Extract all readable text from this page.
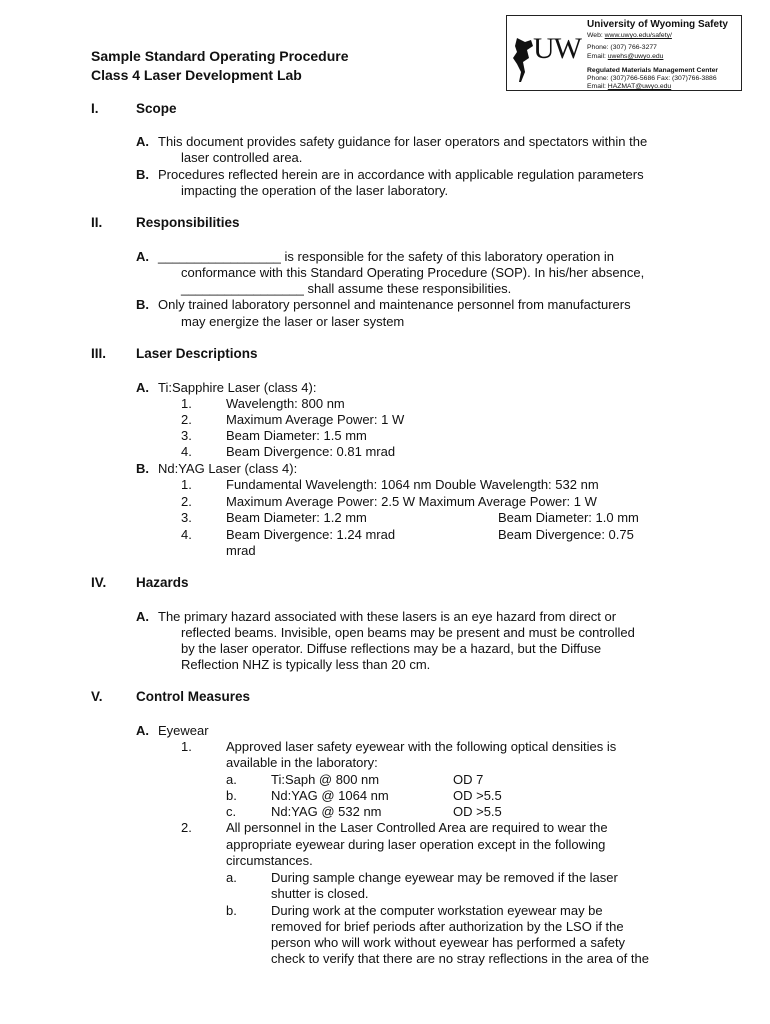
UW
University of Wyoming Safety
Web: www.uwyo.edu/safety/
Phone: (307) 766-3277
Email: uwehs@uwyo.edu
Regulated Materials Management Center
Phone: (307)766-5686 Fax: (307)766-3886
Email: HAZMAT@uwyo.edu
Sample Standard Operating Procedure
Class 4 Laser Development Lab
I.	Scope
A. This document provides safety guidance for laser operators and spectators within the
laser controlled area.
B. Procedures reflected herein are in accordance with applicable regulation parameters
impacting the operation of the laser laboratory.
II. Responsibilities
A. _________________ is responsible for the safety of this laboratory operation in
conformance with this Standard Operating Procedure (SOP). In his/her absence,
_________________ shall assume these responsibilities.
B. Only trained laboratory personnel and maintenance personnel from manufacturers
may energize the laser or laser system
III. Laser Descriptions
A. Ti:Sapphire Laser (class 4):
1.	Wavelength: 800 nm
2.	Maximum Average Power: 1 W
3.	Beam Diameter: 1.5 mm
4.	Beam Divergence: 0.81 mrad
B. Nd:YAG Laser (class 4):
1.	Fundamental Wavelength: 1064 nm Double Wavelength: 532 nm
2.	Maximum Average Power: 2.5 W Maximum Average Power: 1 W
3.	Beam Diameter: 1.2 mm	Beam Diameter: 1.0 mm
4.	Beam Divergence: 1.24 mrad	Beam Divergence: 0.75
mrad
IV. Hazards
A. The primary hazard associated with these lasers is an eye hazard from direct or
reflected beams. Invisible, open beams may be present and must be controlled
by the laser operator. Diffuse reflections may be a hazard, but the Diffuse
Reflection NHZ is typically less than 20 cm.
V. Control Measures
A. Eyewear
1.	Approved laser safety eyewear with the following optical densities is
available in the laboratory:
a.	Ti:Saph @ 800 nm	OD 7
b.	Nd:YAG @ 1064 nm	OD >5.5
c.	Nd:YAG @ 532 nm	OD >5.5
2.	All personnel in the Laser Controlled Area are required to wear the
appropriate eyewear during laser operation except in the following
circumstances.
a.	During sample change eyewear may be removed if the laser
shutter is closed.
b.	During work at the computer workstation eyewear may be
removed for brief periods after authorization by the LSO if the
person who will work without eyewear has performed a safety
check to verify that there are no stray reflections in the area of the
